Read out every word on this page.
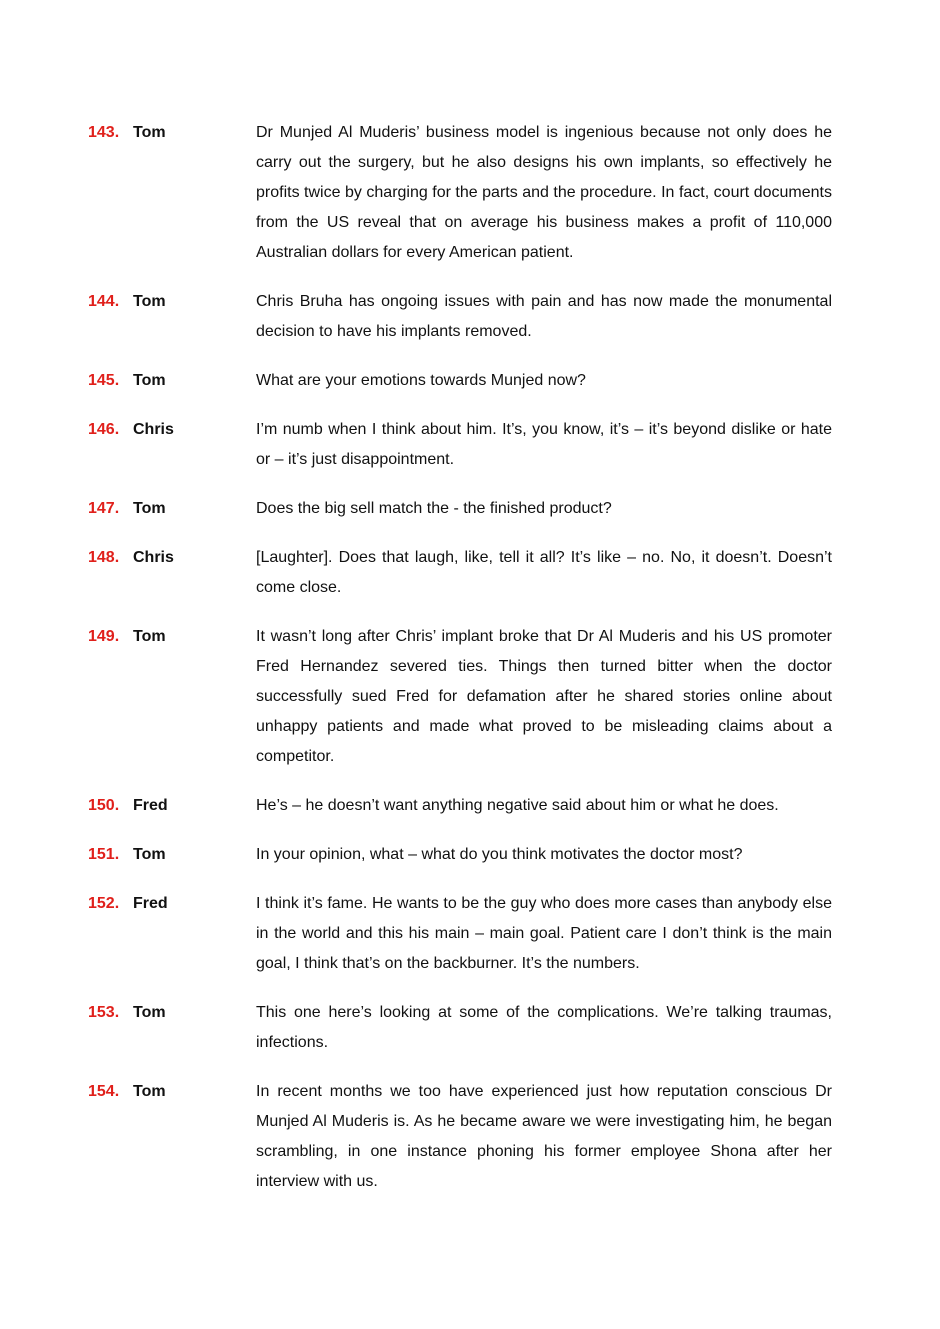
143. Tom	Dr Munjed Al Muderis’ business model is ingenious because not only does he carry out the surgery, but he also designs his own implants, so effectively he profits twice by charging for the parts and the procedure. In fact, court documents from the US reveal that on average his business makes a profit of 110,000 Australian dollars for every American patient.
144. Tom	Chris Bruha has ongoing issues with pain and has now made the monumental decision to have his implants removed.
145. Tom	What are your emotions towards Munjed now?
146. Chris	I’m numb when I think about him. It’s, you know, it’s – it’s beyond dislike or hate or – it’s just disappointment.
147. Tom	Does the big sell match the - the finished product?
148. Chris	[Laughter]. Does that laugh, like, tell it all? It’s like – no. No, it doesn’t. Doesn’t come close.
149. Tom	It wasn’t long after Chris’ implant broke that Dr Al Muderis and his US promoter Fred Hernandez severed ties. Things then turned bitter when the doctor successfully sued Fred for defamation after he shared stories online about unhappy patients and made what proved to be misleading claims about a competitor.
150. Fred	He’s – he doesn’t want anything negative said about him or what he does.
151. Tom	In your opinion, what – what do you think motivates the doctor most?
152. Fred	I think it’s fame. He wants to be the guy who does more cases than anybody else in the world and this his main – main goal. Patient care I don’t think is the main goal, I think that’s on the backburner. It’s the numbers.
153. Tom	This one here’s looking at some of the complications. We’re talking traumas, infections.
154. Tom	In recent months we too have experienced just how reputation conscious Dr Munjed Al Muderis is. As he became aware we were investigating him, he began scrambling, in one instance phoning his former employee Shona after her interview with us.
